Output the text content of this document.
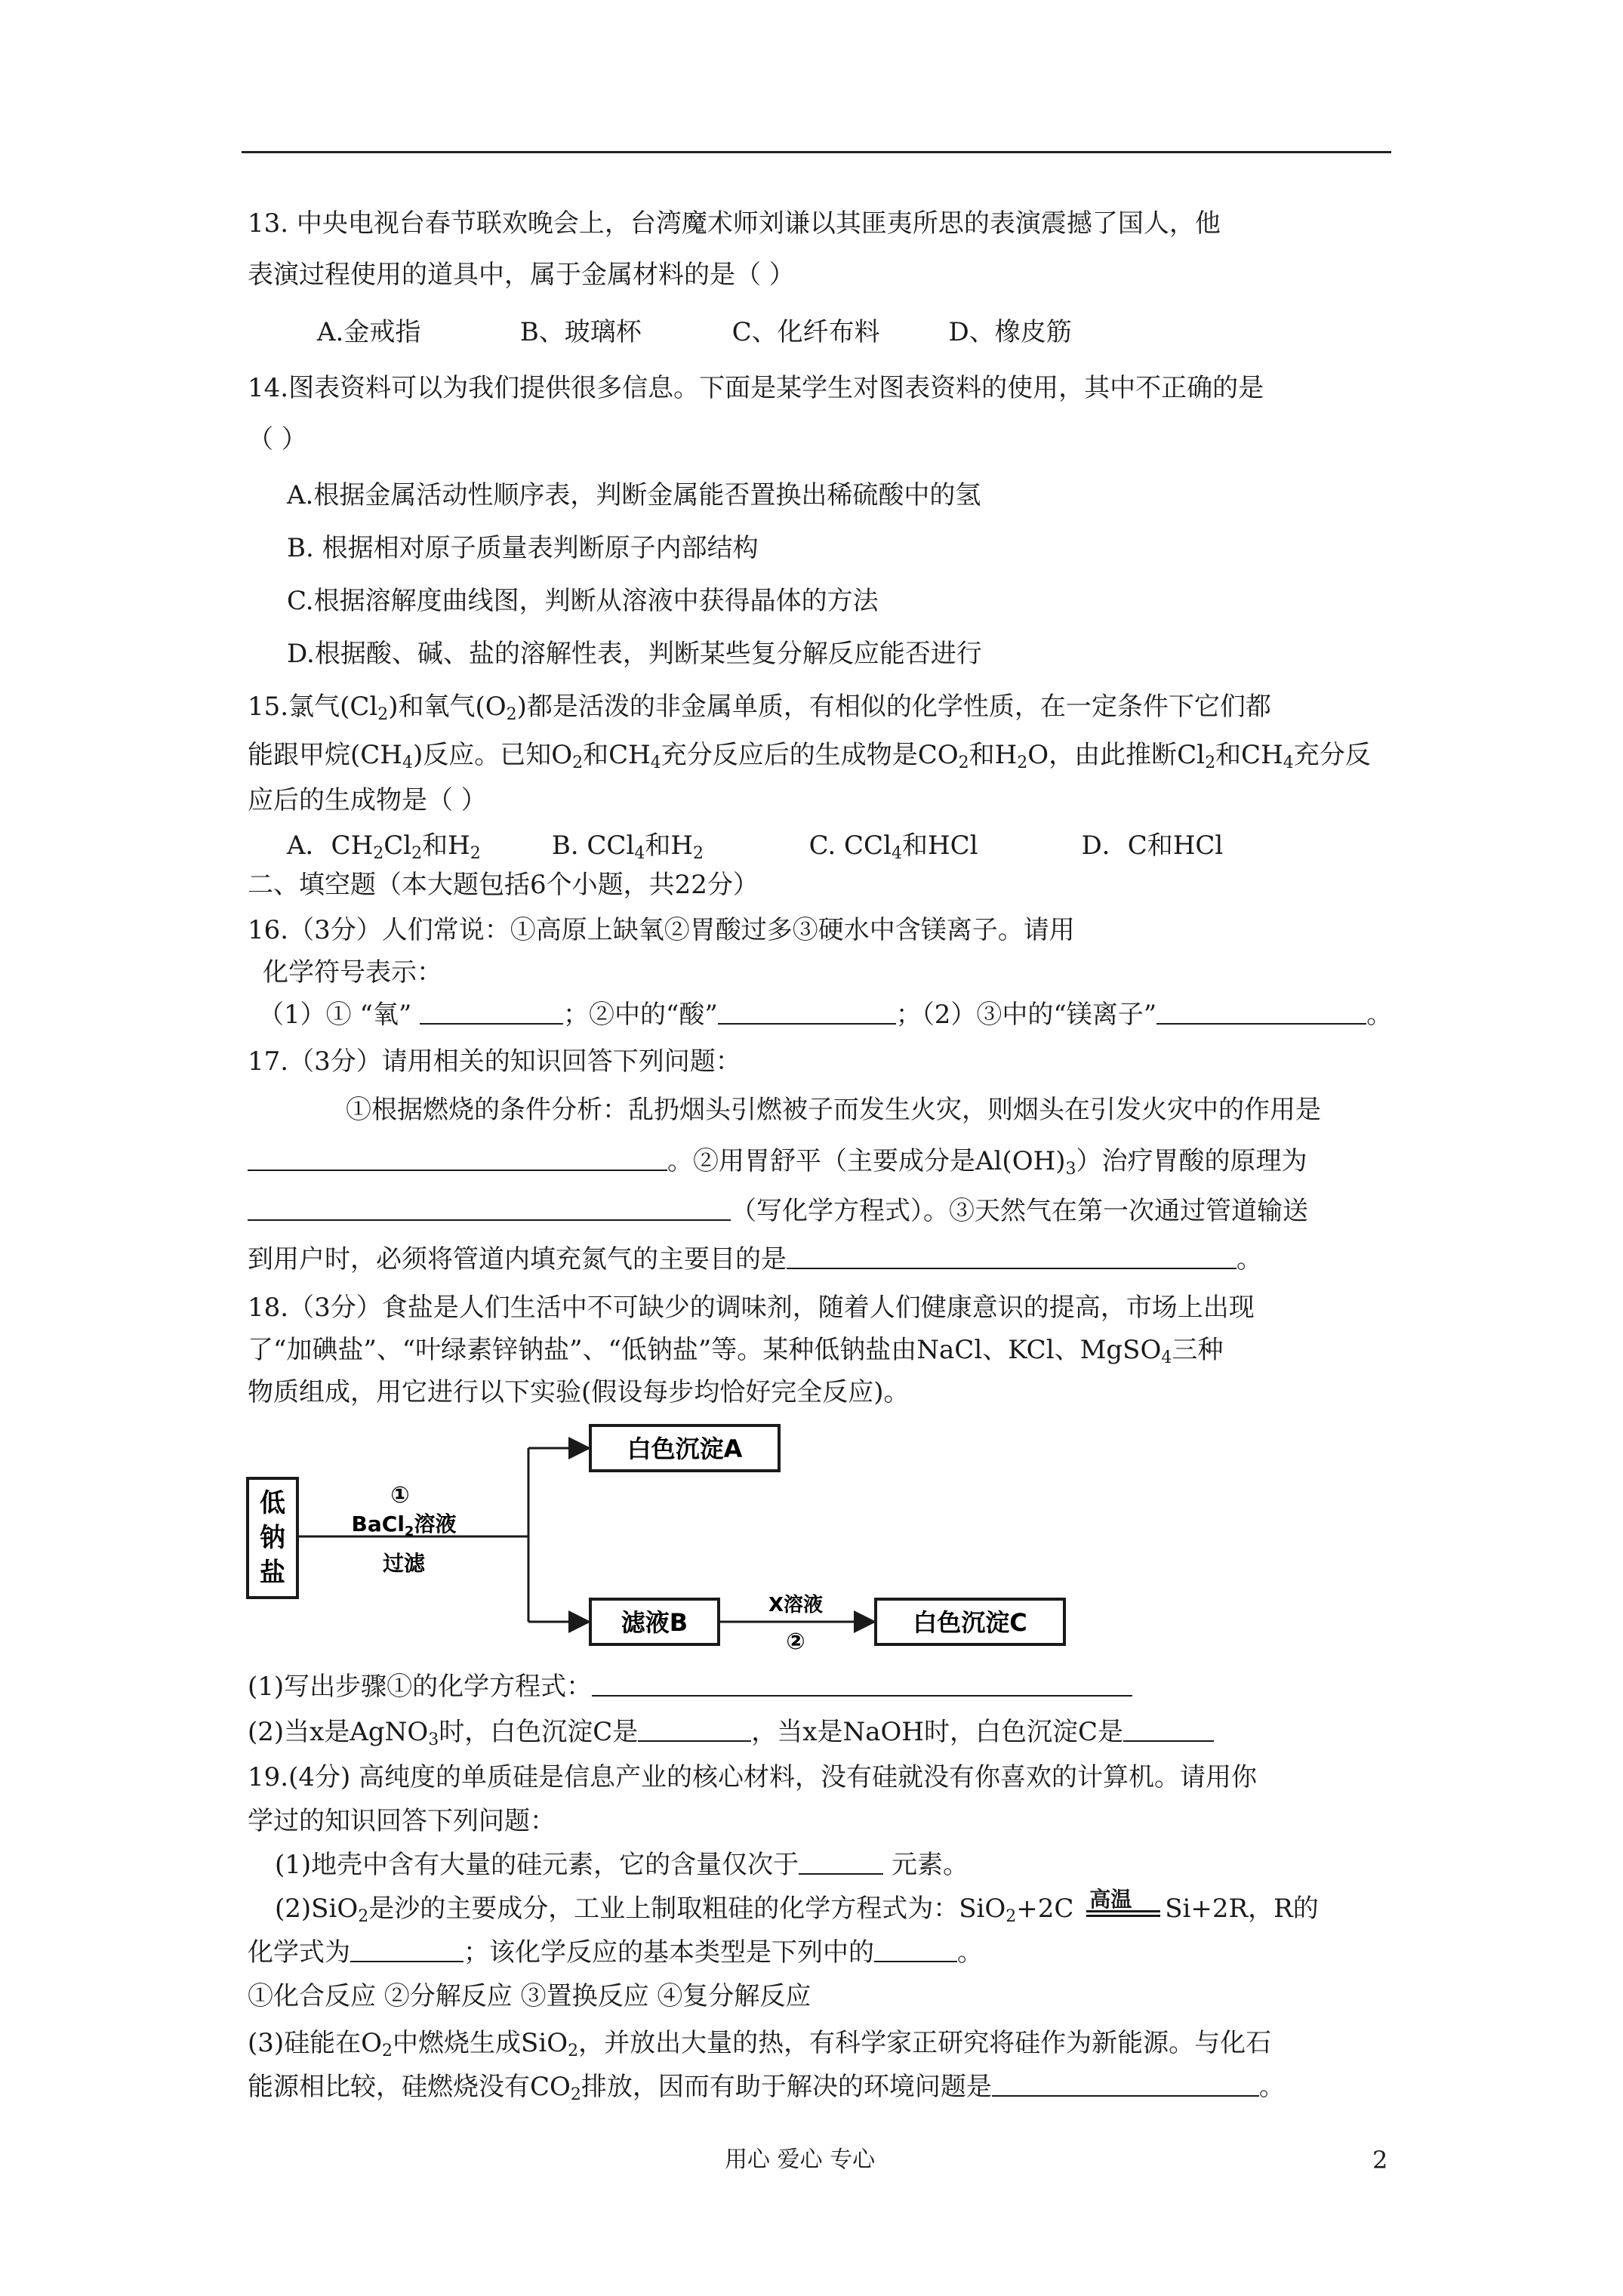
13. 中央电视台春节联欢晚会上，台湾魔术师刘谦以其匪夷所思的表演震撼了国人，他
表演过程使用的道具中，属于金属材料的是（ ）
A.金戒指	B、玻璃杯	C、化纤布料	D、橡皮筋
14.图表资料可以为我们提供很多信息。下面是某学生对图表资料的使用，其中不正确的是
（ ）
A.根据金属活动性顺序表，判断金属能否置换出稀硫酸中的氢
B. 根据相对原子质量表判断原子内部结构
C.根据溶解度曲线图，判断从溶液中获得晶体的方法
D.根据酸、碱、盐的溶解性表，判断某些复分解反应能否进行
15.氯气$(Cl_2)$和氧气$(O_2)$都是活泼的非金属单质，有相似的化学性质，在一定条件下它们都
能跟甲烷$(CH_4)$反应。已知$O_2$和$CH_4$充分反应后的生成物是$CO_2$和$H_2O$，由此推断$Cl_2$和$CH_4$充分反
应后的生成物是（ ）
A．$CH_2Cl_2$和$H_2$	B. CCl$_4$和$H_2$	C. CCl$_4$和HCl	D．C和HCl
二、填空题（本大题包括6个小题，共22分）
16.（3分）人们常说：①高原上缺氧②胃酸过多③硬水中含镁离子。请用
化学符号表示：
（1）① “氧”	；②中的“酸”	；（2）③中的“镁离子”	。
17.（3分）请用相关的知识回答下列问题：
①根据燃烧的条件分析：乱扔烟头引燃被子而发生火灾，则烟头在引发火灾中的作用是
。②用胃舒平（主要成分是$Al(OH)_3$）治疗胃酸的原理为
（写化学方程式）。③天然气在第一次通过管道输送
到用户时，必须将管道内填充氮气的主要目的是	。
18.（3分）食盐是人们生活中不可缺少的调味剂，随着人们健康意识的提高，市场上出现
了“加碘盐”、“叶绿素锌钠盐”、“低钠盐”等。某种低钠盐由NaCl、KCl、MgSO$_4$三种
物质组成，用它进行以下实验(假设每步均恰好完全反应)。
低
钠
盐
①
BaCl$_2$溶液
过滤
白色沉淀A
滤液B
X溶液
②
白色沉淀C
(1)写出步骤①的化学方程式：
(2)当x是AgNO$_3$时，白色沉淀C是	，当x是NaOH时，白色沉淀C是
19.(4分) 高纯度的单质硅是信息产业的核心材料，没有硅就没有你喜欢的计算机。请用你
学过的知识回答下列问题：
(1)地壳中含有大量的硅元素，它的含量仅次于	元素。
(2)SiO$_2$是沙的主要成分，工业上制取粗硅的化学方程式为：SiO$_2$+2C 高温 Si+2R，R的
化学式为	；该化学反应的基本类型是下列中的	。
①化合反应 ②分解反应 ③置换反应 ④复分解反应
(3)硅能在$O_2$中燃烧生成SiO$_2$，并放出大量的热，有科学家正研究将硅作为新能源。与化石
能源相比较，硅燃烧没有$CO_2$排放，因而有助于解决的环境问题是	。
用心 爱心 专心	2
